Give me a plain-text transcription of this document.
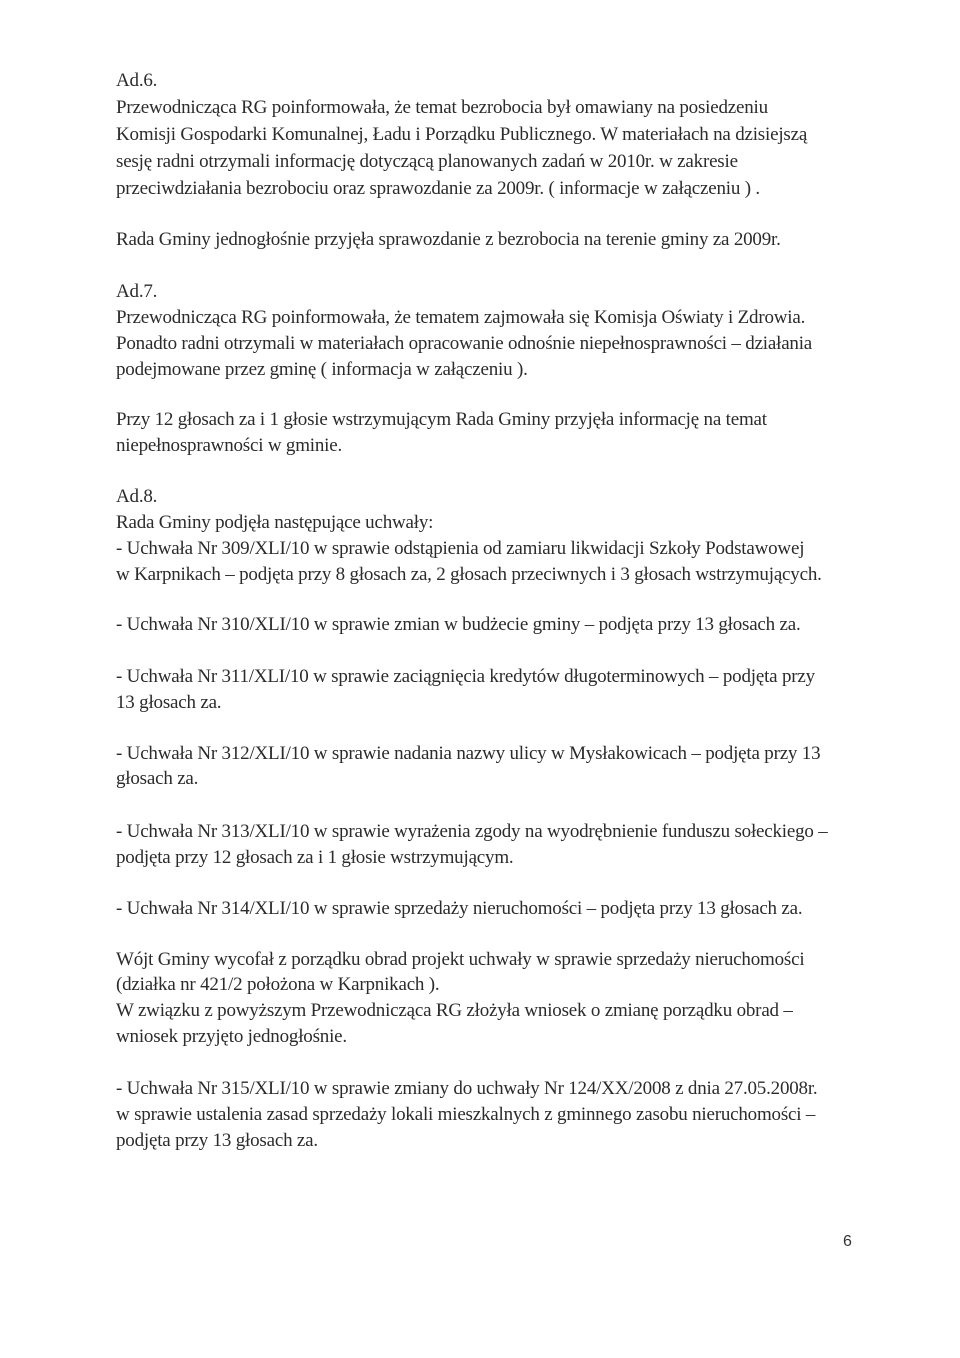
Ad.6.
Przewodnicząca RG poinformowała, że temat bezrobocia był omawiany na posiedzeniu
Komisji Gospodarki Komunalnej, Ładu i Porządku Publicznego. W materiałach na dzisiejszą
sesję radni otrzymali informację dotyczącą planowanych zadań w 2010r. w zakresie
przeciwdziałania bezrobociu oraz sprawozdanie za 2009r. ( informacje w załączeniu ) .
Rada Gminy jednogłośnie przyjęła sprawozdanie z bezrobocia na terenie gminy za 2009r.
Ad.7.
Przewodnicząca RG poinformowała, że tematem zajmowała się Komisja Oświaty i Zdrowia.
Ponadto radni otrzymali w materiałach opracowanie odnośnie niepełnosprawności – działania
podejmowane przez gminę ( informacja w załączeniu ).
Przy 12 głosach za i 1 głosie wstrzymującym Rada Gminy przyjęła informację na temat
niepełnosprawności w gminie.
Ad.8.
Rada Gminy podjęła następujące uchwały:
- Uchwała Nr 309/XLI/10 w sprawie odstąpienia od zamiaru likwidacji Szkoły Podstawowej
w Karpnikach – podjęta przy 8 głosach za, 2 głosach przeciwnych i 3 głosach wstrzymujących.
- Uchwała Nr 310/XLI/10 w sprawie zmian w budżecie gminy – podjęta przy 13 głosach za.
- Uchwała Nr 311/XLI/10 w sprawie zaciągnięcia kredytów długoterminowych – podjęta przy
13 głosach za.
- Uchwała Nr 312/XLI/10 w sprawie nadania nazwy ulicy w Mysłakowicach – podjęta przy 13
głosach za.
- Uchwała Nr 313/XLI/10 w sprawie wyrażenia zgody na wyodrębnienie funduszu sołeckiego –
podjęta przy 12 głosach za i 1 głosie wstrzymującym.
- Uchwała Nr 314/XLI/10 w sprawie sprzedaży nieruchomości – podjęta przy 13 głosach za.
Wójt Gminy wycofał z porządku obrad projekt uchwały w sprawie sprzedaży nieruchomości
(działka nr 421/2 położona w Karpnikach ).
W związku z powyższym Przewodnicząca RG złożyła wniosek o zmianę porządku obrad –
wniosek przyjęto jednogłośnie.
- Uchwała Nr 315/XLI/10 w sprawie zmiany do uchwały Nr 124/XX/2008 z dnia 27.05.2008r.
w sprawie ustalenia zasad sprzedaży lokali mieszkalnych z gminnego zasobu nieruchomości –
podjęta przy 13 głosach za.
6
